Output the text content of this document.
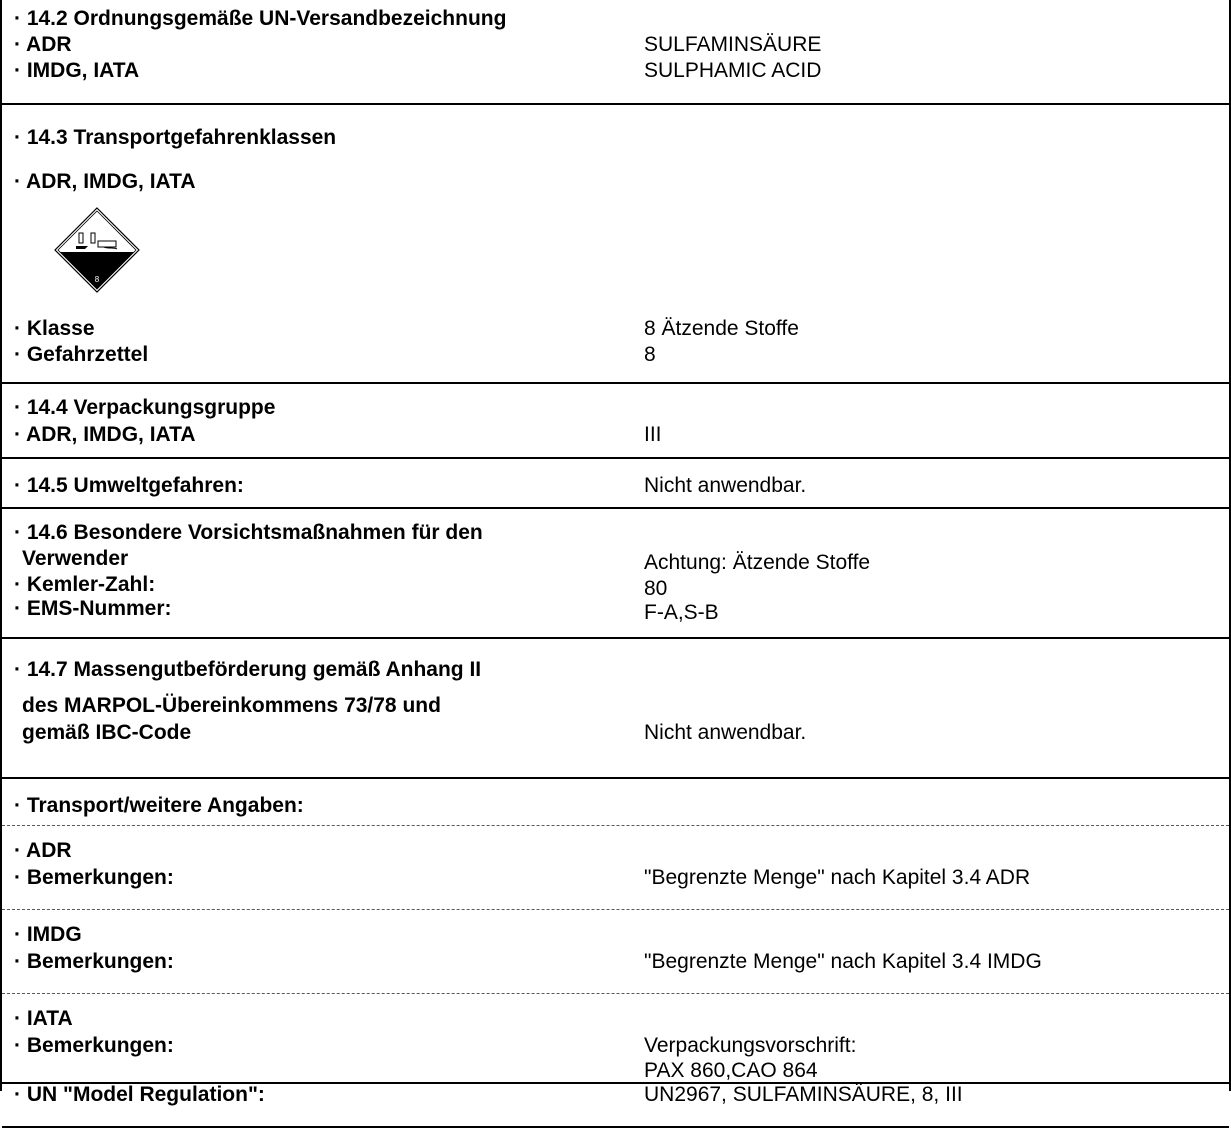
· 14.2 Ordnungsgemäße UN-Versandbezeichnung
· ADR	SULFAMINSÄURE
· IMDG, IATA	SULPHAMIC ACID
· 14.3 Transportgefahrenklassen
· ADR, IMDG, IATA
· Klasse	8 Ätzende Stoffe
· Gefahrzettel	8
8
· 14.4 Verpackungsgruppe
· ADR, IMDG, IATA	III
· 14.5 Umweltgefahren:	Nicht anwendbar.
· 14.6 Besondere Vorsichtsmaßnahmen für den
Verwender	Achtung: Ätzende Stoffe
· Kemler-Zahl:	80
· EMS-Nummer:	F-A,S-B
· 14.7 Massengutbeförderung gemäß Anhang II
des MARPOL-Übereinkommens 73/78 und
gemäß IBC-Code	Nicht anwendbar.
· Transport/weitere Angaben:
· ADR
· Bemerkungen:	"Begrenzte Menge" nach Kapitel 3.4 ADR
· IMDG
· Bemerkungen:	"Begrenzte Menge" nach Kapitel 3.4 IMDG
· IATA
· Bemerkungen:	Verpackungsvorschrift:
PAX 860,CAO 864
· UN "Model Regulation":	UN2967, SULFAMINSÄURE, 8, III
